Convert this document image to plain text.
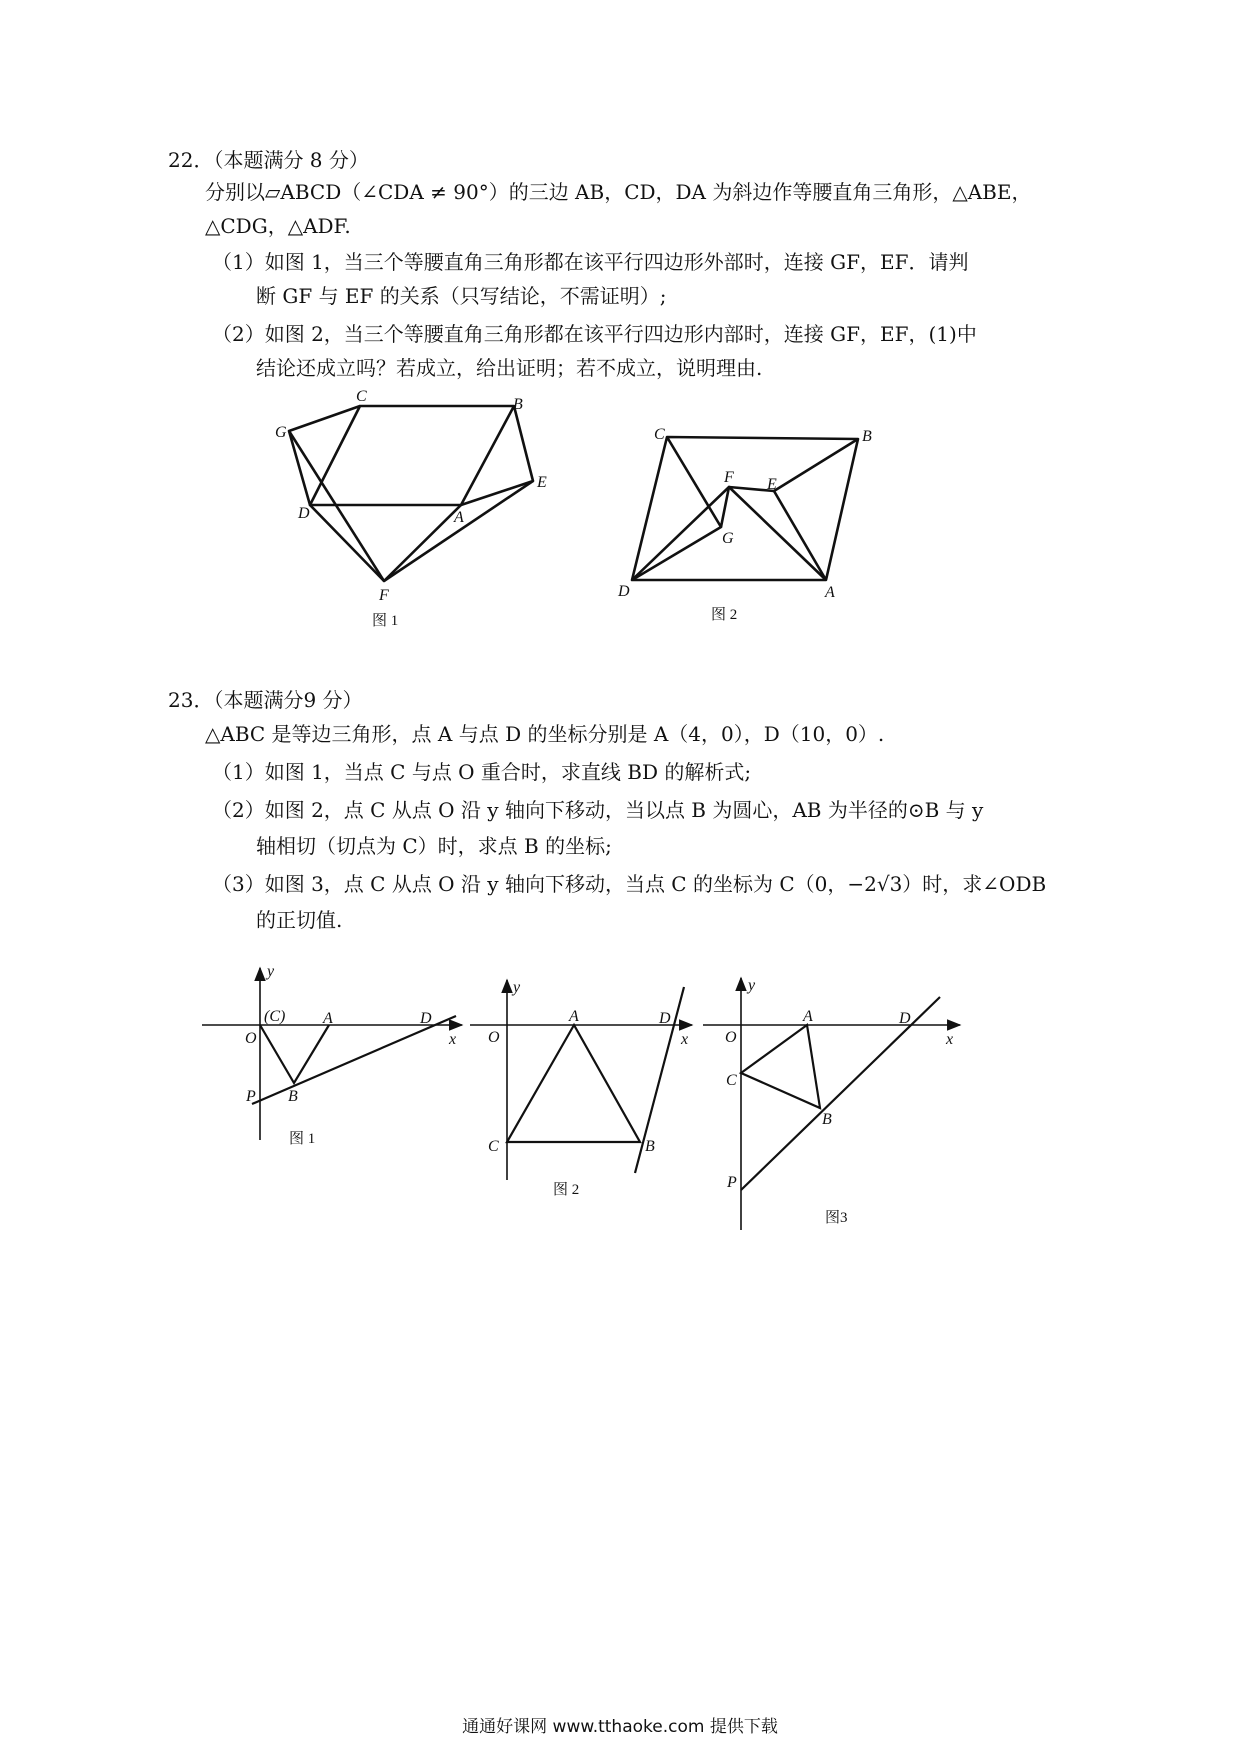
22．（本题满分 8 分）
分别以▱ABCD（∠CDA ≠ 90°）的三边 AB，CD，DA 为斜边作等腰直角三角形，△ABE，
△CDG，△ADF.
（1）如图 1，当三个等腰直角三角形都在该平行四边形外部时，连接 GF，EF．请判
断 GF 与 EF 的关系（只写结论，不需证明）;
（2）如图 2，当三个等腰直角三角形都在该平行四边形内部时，连接 GF，EF，(1)中
结论还成立吗？若成立，给出证明；若不成立，说明理由.
C	B
G
E
D	A
F
图 1
C	B
F E
G
D	A
图 2
23．（本题满分9 分）
△ABC 是等边三角形，点 A 与点 D 的坐标分别是 A（4，0），D（10，0）.
（1）如图 1，当点 C 与点 O 重合时，求直线 BD 的解析式;
（2）如图 2，点 C 从点 O 沿 y 轴向下移动，当以点 B 为圆心，AB 为半径的⊙B 与 y
轴相切（切点为 C）时，求点 B 的坐标;
（3）如图 3，点 C 从点 O 沿 y 轴向下移动，当点 C 的坐标为 C（0，−2√3）时，求∠ODB
的正切值.
y
x
(C) A	D
O
P B
图 1
y
x
A	D
O
C	B
图 2
y
x
A	D
O
C
B
P
图3
通通好课网 www.tthaoke.com 提供下载
